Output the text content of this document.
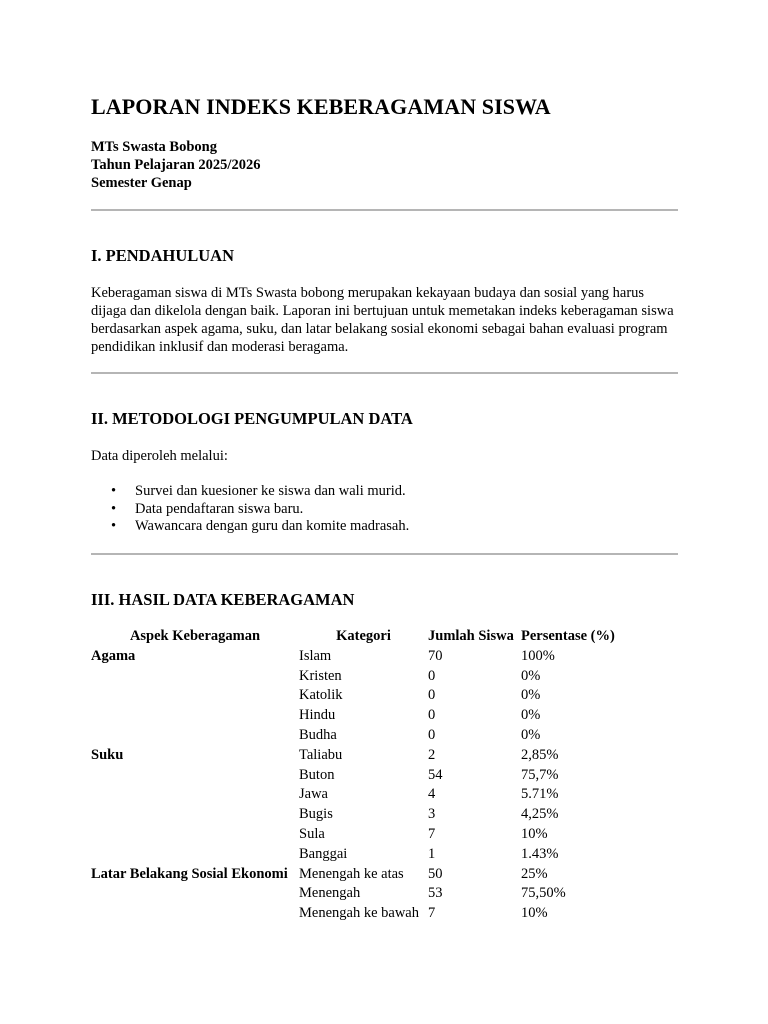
LAPORAN INDEKS KEBERAGAMAN SISWA
MTs Swasta Bobong
Tahun Pelajaran 2025/2026
Semester Genap
I. PENDAHULUAN
Keberagaman siswa di MTs Swasta bobong merupakan kekayaan budaya dan sosial yang harus dijaga dan dikelola dengan baik. Laporan ini bertujuan untuk memetakan indeks keberagaman siswa berdasarkan aspek agama, suku, dan latar belakang sosial ekonomi sebagai bahan evaluasi program pendidikan inklusif dan moderasi beragama.
II. METODOLOGI PENGUMPULAN DATA
Data diperoleh melalui:
• Survei dan kuesioner ke siswa dan wali murid.
• Data pendaftaran siswa baru.
• Wawancara dengan guru dan komite madrasah.
III. HASIL DATA KEBERAGAMAN
Aspek Keberagaman	Kategori	Jumlah Siswa	Persentase (%)
Agama	Islam	70	100%
	Kristen	0	0%
	Katolik	0	0%
	Hindu	0	0%
	Budha	0	0%
Suku	Taliabu	2	2,85%
	Buton	54	75,7%
	Jawa	4	5.71%
	Bugis	3	4,25%
	Sula	7	10%
	Banggai	1	1.43%
Latar Belakang Sosial Ekonomi	Menengah ke atas	50	25%
	Menengah	53	75,50%
	Menengah ke bawah	7	10%
